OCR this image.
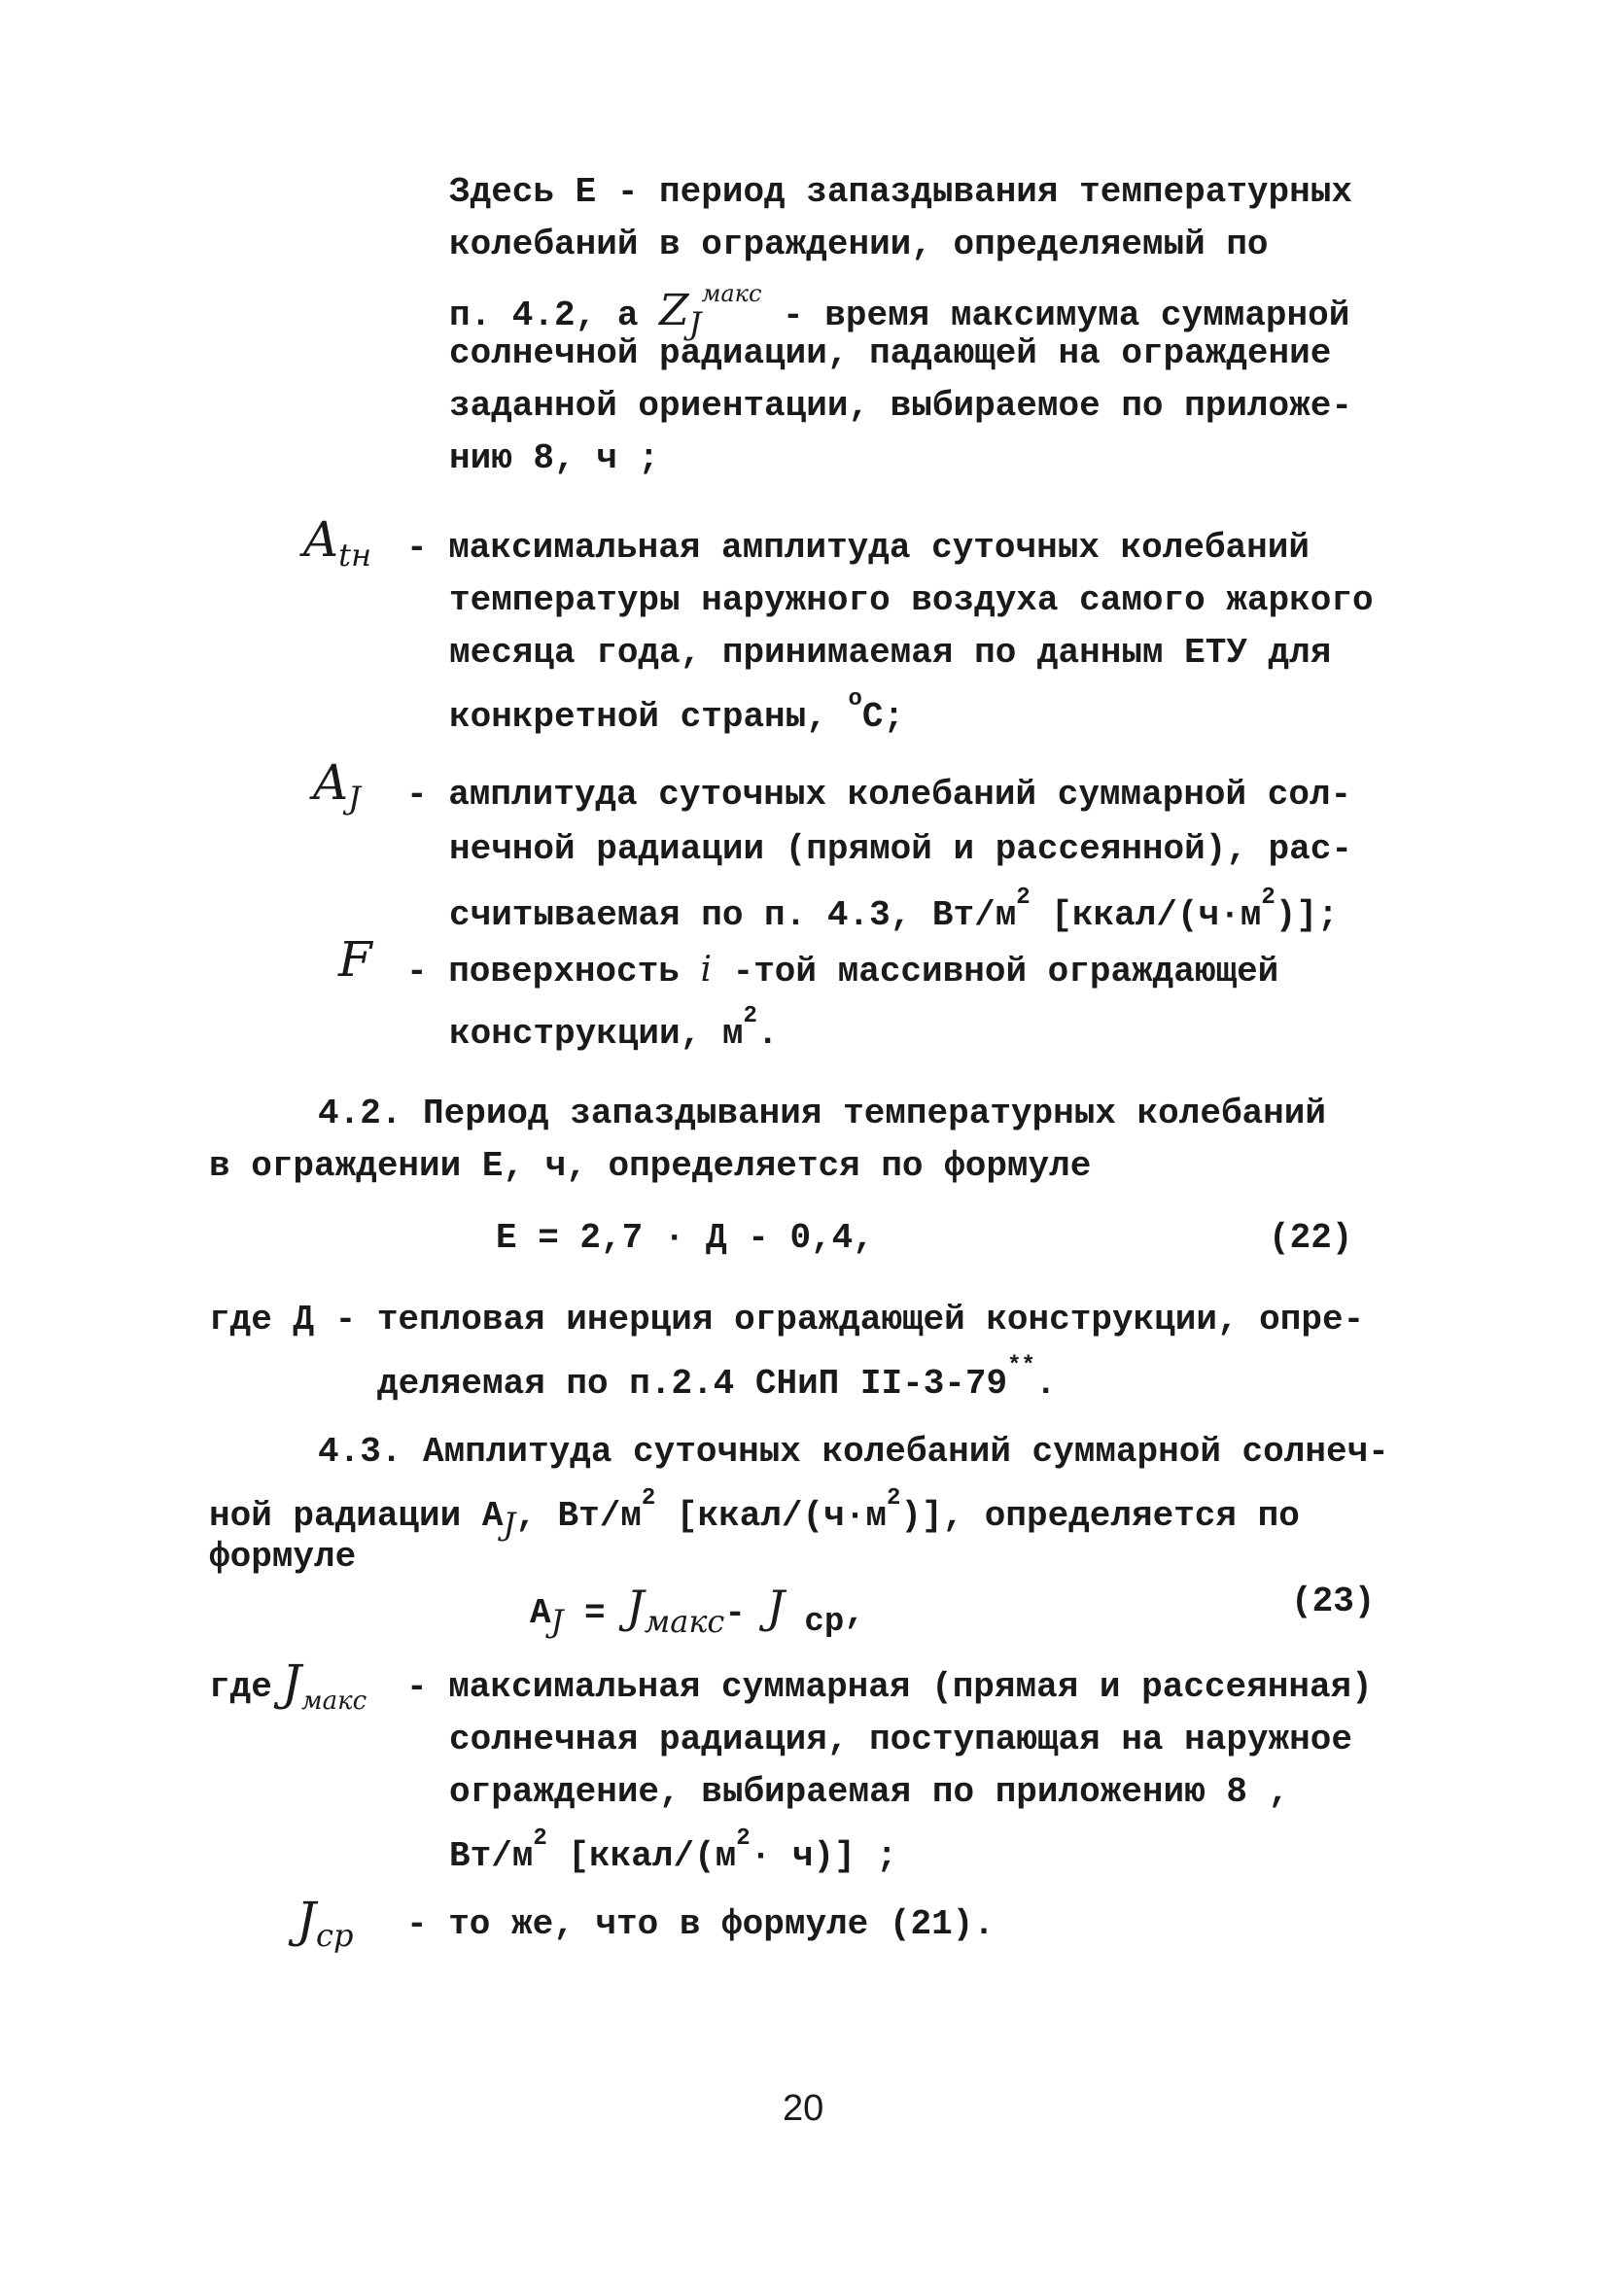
Здесь Е - период запаздывания температурных
колебаний в ограждении, определяемый по
п. 4.2, а $ZJ^{макс}$ - время максимума суммарной
солнечной радиации, падающей на ограждение
заданной ориентации, выбираемое по приложе-
нию 8, ч ;
$A_{tн}$ - максимальная амплитуда суточных колебаний
температуры наружного воздуха самого жаркого
месяца года, принимаемая по данным ЕТУ для
конкретной страны, $^o$C;
$A_J$ - амплитуда суточных колебаний суммарной сол-
нечной радиации (прямой и рассеянной), рас-
считываемая по п. 4.3, $Вт/м^2$ $[ккал/(ч\cdot м^2)]$;
F - поверхность i -той массивной ограждающей
конструкции, $м^2$.
4.2. Период запаздывания температурных колебаний
в ограждении Е, ч, определяется по формуле
Е = 2,7 · Д - 0,4,	(22)
где Д - тепловая инерция ограждающей конструкции, опре-
деляемая по п.2.4 СНиП II-3-79**.
4.3. Амплитуда суточных колебаний суммарной солнеч-
ной радиации АJ, $Вт/м^2$ $[ккал/(ч\cdot м^2)]$, определяется по
формуле
АJ = Jмакс- J ср,	(23)
где $J_{макс}$ - максимальная суммарная (прямая и рассеянная)
солнечная радиация, поступающая на наружное
ограждение, выбираемая по приложению 8 ,
$Вт/м^2$ $[ккал/(м^2\cdot ч)]$ ;
$J_{ср}$ - то же, что в формуле (21).
20
